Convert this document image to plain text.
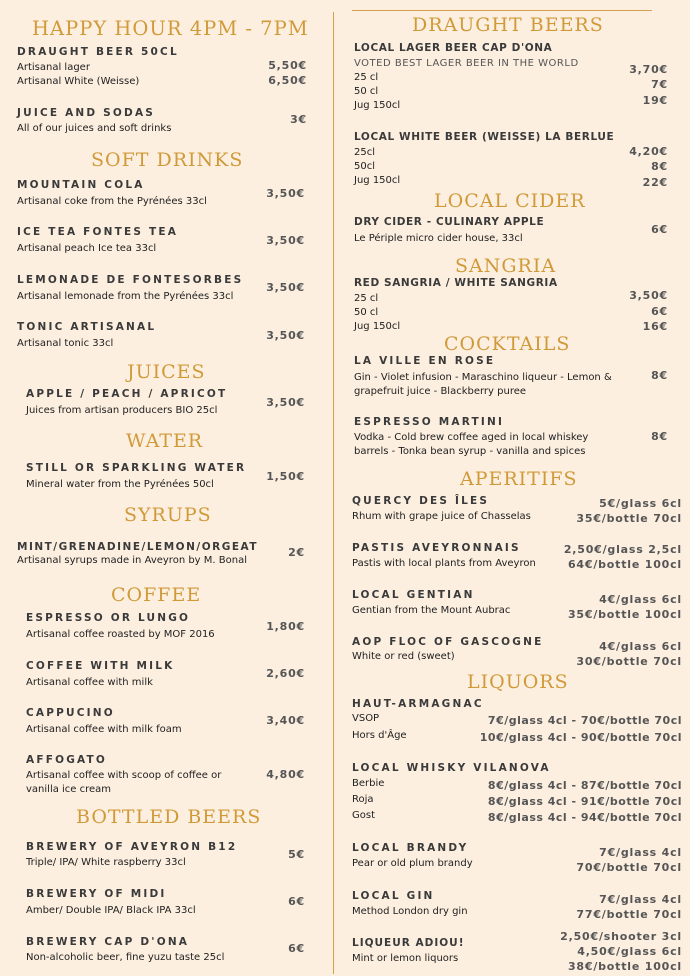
HAPPY HOUR 4PM - 7PM
DRAUGHT BEER 50CL
Artisanal lager
Artisanal White (Weisse)
5,50€
6,50€
JUICE AND SODAS
All of our juices and soft drinks
3€
SOFT DRINKS
MOUNTAIN COLA
Artisanal coke from the Pyrénées 33cl
3,50€
ICE TEA FONTES TEA
Artisanal peach Ice tea 33cl
3,50€
LEMONADE DE FONTESORBES
Artisanal lemonade from the Pyrénées 33cl
3,50€
TONIC ARTISANAL
Artisanal tonic 33cl
3,50€
JUICES
APPLE / PEACH / APRICOT
Juices from artisan producers BIO 25cl
3,50€
WATER
STILL OR SPARKLING WATER
Mineral water from the Pyrénées 50cl
1,50€
SYRUPS
MINT/GRENADINE/LEMON/ORGEAT
Artisanal syrups made in Aveyron by M. Bonal
2€
COFFEE
ESPRESSO OR LUNGO
Artisanal coffee roasted by MOF 2016
1,80€
COFFEE WITH MILK
Artisanal coffee with milk
2,60€
CAPPUCINO
Artisanal coffee with milk foam
3,40€
AFFOGATO
Artisanal coffee with scoop of coffee or vanilla ice cream
4,80€
BOTTLED BEERS
BREWERY OF AVEYRON B12
Triple/ IPA/ White raspberry 33cl
5€
BREWERY OF MIDI
Amber/ Double IPA/ Black IPA 33cl
6€
BREWERY CAP D'ONA
Non-alcoholic beer, fine yuzu taste 25cl
6€
DRAUGHT BEERS
LOCAL LAGER BEER CAP D'ONA
VOTED BEST LAGER BEER IN THE WORLD
25 cl
50 cl
Jug 150cl
3,70€
7€
19€
LOCAL WHITE BEER (WEISSE) LA BERLUE
25cl
50cl
Jug 150cl
4,20€
8€
22€
LOCAL CIDER
DRY CIDER - CULINARY APPLE
Le Périple micro cider house, 33cl
6€
SANGRIA
RED SANGRIA / WHITE SANGRIA
25 cl
50 cl
Jug 150cl
3,50€
6€
16€
COCKTAILS
LA VILLE EN ROSE
Gin - Violet infusion - Maraschino liqueur - Lemon & grapefruit juice - Blackberry puree
8€
ESPRESSO MARTINI
Vodka - Cold brew coffee aged in local whiskey barrels - Tonka bean syrup - vanilla and spices
8€
APERITIFS
QUERCY DES ÎLES
Rhum with grape juice of Chasselas
5€/glass 6cl
35€/bottle 70cl
PASTIS AVEYRONNAIS
Pastis with local plants from Aveyron
2,50€/glass 2,5cl
64€/bottle 100cl
LOCAL GENTIAN
Gentian from the Mount Aubrac
4€/glass 6cl
35€/bottle 100cl
AOP FLOC OF GASCOGNE
White or red (sweet)
4€/glass 6cl
30€/bottle 70cl
LIQUORS
HAUT-ARMAGNAC
VSOP
Hors d'Âge
7€/glass 4cl - 70€/bottle 70cl
10€/glass 4cl - 90€/bottle 70cl
LOCAL WHISKY VILANOVA
Berbie
Roja
Gost
8€/glass 4cl - 87€/bottle 70cl
8€/glass 4cl - 91€/bottle 70cl
8€/glass 4cl - 94€/bottle 70cl
LOCAL BRANDY
Pear or old plum brandy
7€/glass 4cl
70€/bottle 70cl
LOCAL GIN
Method London dry gin
7€/glass 4cl
77€/bottle 70cl
LIQUEUR ADIOU!
Mint or lemon liquors
2,50€/shooter 3cl
4,50€/glass 6cl
38€/bottle 100cl
